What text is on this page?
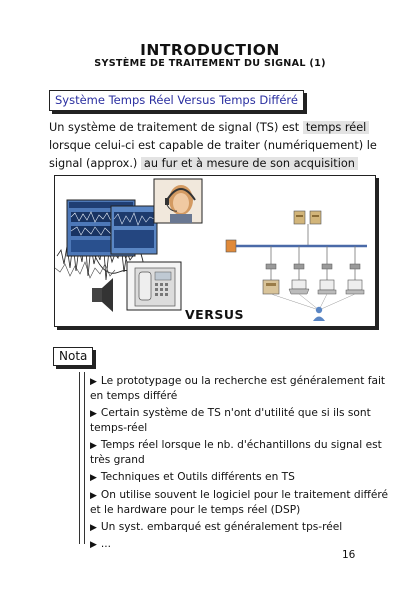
INTRODUCTION
SYSTÈME DE TRAITEMENT DU SIGNAL (1)
Système Temps Réel Versus Temps Différé
Un système de traitement de signal (TS) est temps réel lorsque celui-ci est capable de traiter (numériquement) le signal (approx.) au fur et à mesure de son acquisition
VERSUS
Nota
▶ Le prototypage ou la recherche est généralement fait en temps différé
▶ Certain système de TS n'ont d'utilité que si ils sont temps-réel
▶ Temps réel lorsque le nb. d'échantillons du signal est très grand
▶ Techniques et Outils différents en TS
▶ On utilise souvent le logiciel pour le traitement différé et le hardware pour le temps réel (DSP)
▶ Un syst. embarqué est généralement tps-réel
▶ ...
16
